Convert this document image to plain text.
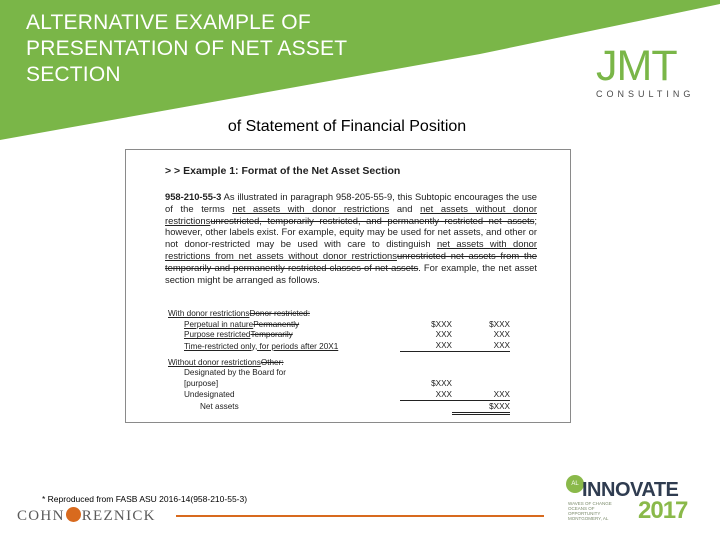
ALTERNATIVE EXAMPLE OF
PRESENTATION OF NET ASSET
SECTION	JMT
CONSULTING
of Statement of Financial Position
> > Example 1: Format of the Net Asset Section
958-210-55-3 As illustrated in paragraph 958-205-55-9, this Subtopic encourages the use of the terms net assets with donor restrictions and net assets without donor restrictionsunrestricted, temporarily restricted, and permanently restricted net assets; however, other labels exist. For example, equity may be used for net assets, and other or not donor-restricted may be used with care to distinguish net assets with donor restrictions from net assets without donor restrictionsunrestricted net assets from the temporarily and permanently restricted classes of net assets. For example, the net asset section might be arranged as follows.
With donor restrictionsDonor restricted:		
Perpetual in naturePermanently	$XXX	$XXX
Purpose restrictedTemporarily	XXX	XXX
Time-restricted only, for periods after 20X1	XXX	XXX
Without donor restrictionsOther:		
Designated by the Board for		
[purpose]	$XXX	
Undesignated	XXX	XXX
Net assets		$XXX
* Reproduced from FASB ASU 2016-14(958-210-55-3)
COHN REZNICK
AL INNOVATE
WAVES OF CHANGE OCEANS OF OPPORTUNITY MONTGOMERY, AL	2017
